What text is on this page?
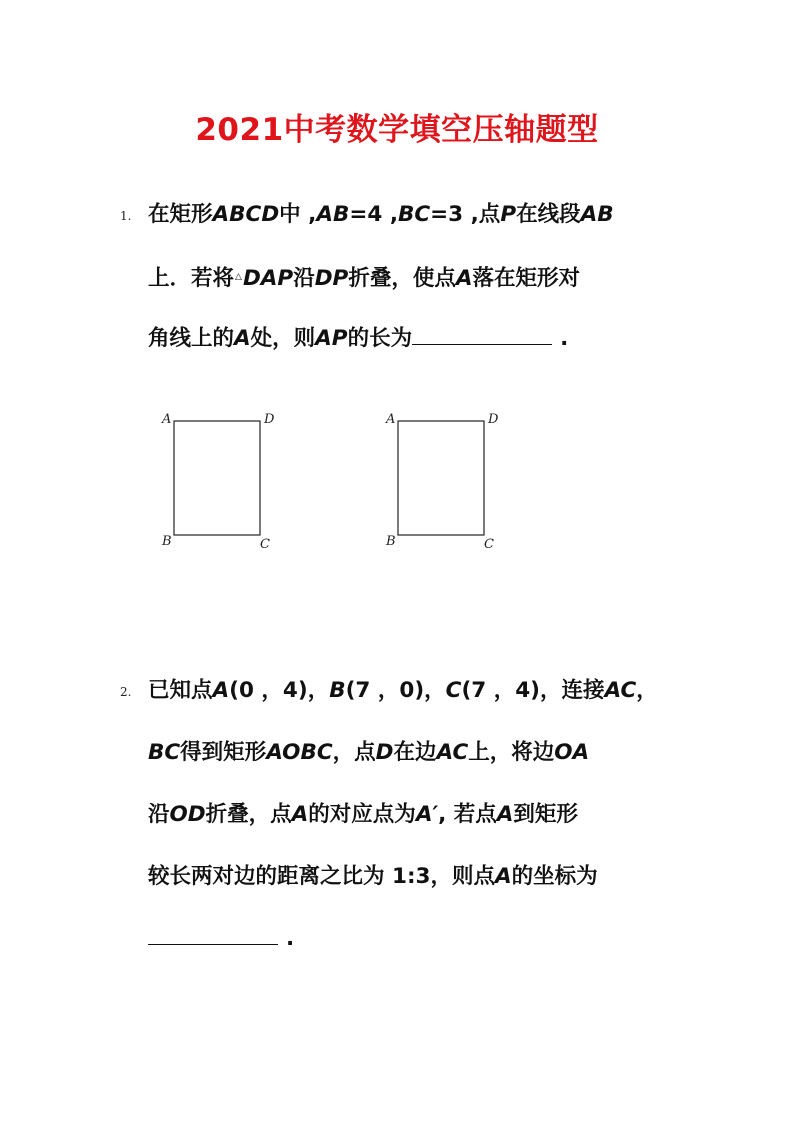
2021中考数学填空压轴题型
1. 在矩形ABCD中 ,AB=4 ,BC=3 ,点P在线段AB
上．若将△DAP沿DP折叠，使点A落在矩形对
角线上的A处，则AP的长为	.
A	D
B	C
A	D
B	C
2. 已知点A(0 ，4)，B(7 ，0)，C(7 ，4)，连接AC，
BC得到矩形AOBC，点D在边AC上，将边OA
沿OD折叠，点A的对应点为A′, 若点A到矩形
较长两对边的距离之比为 1:3，则点A的坐标为
.
